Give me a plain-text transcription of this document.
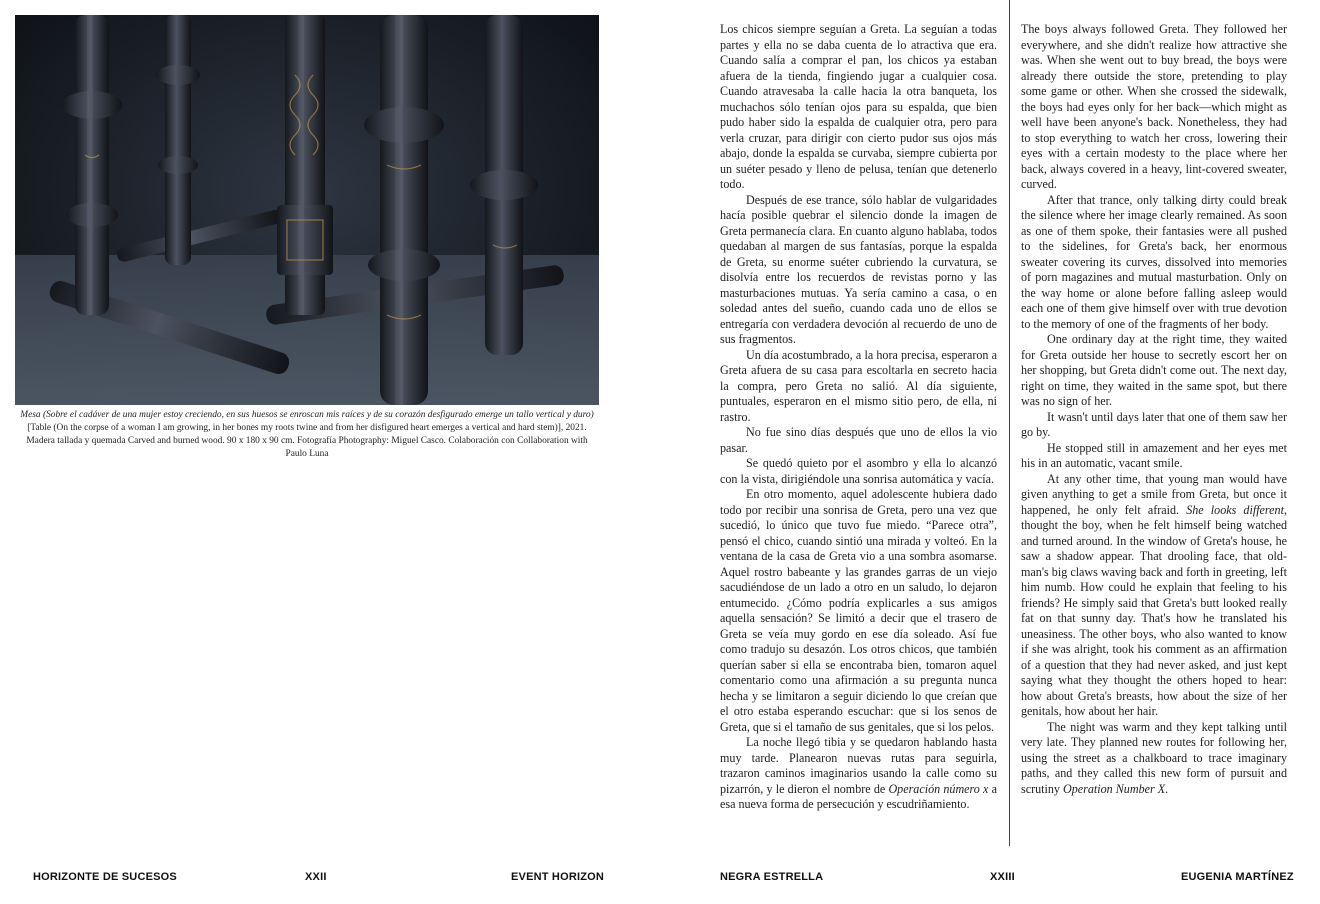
Mesa (Sobre el cadáver de una mujer estoy creciendo, en sus huesos se enroscan mis raíces y de su corazón desfigurado emerge un tallo vertical y duro) [Table (On the corpse of a woman I am growing, in her bones my roots twine and from her disfigured heart emerges a vertical and hard stem)], 2021. Madera tallada y quemada Carved and burned wood. 90 x 180 x 90 cm. Fotografía Photography: Miguel Casco. Colaboración con Collaboration with Paulo Luna

Los chicos siempre seguían a Greta. La seguían a todas partes y ella no se daba cuenta de lo atractiva que era. Cuando salía a comprar el pan, los chicos ya estaban afuera de la tienda, fingiendo jugar a cualquier cosa. Cuando atravesaba la calle hacia la otra banqueta, los muchachos sólo tenían ojos para su espalda, que bien pudo haber sido la espalda de cualquier otra, pero para verla cruzar, para dirigir con cierto pudor sus ojos más abajo, donde la espalda se curvaba, siempre cubierta por un suéter pesado y lleno de pelusa, tenían que detenerlo todo.

Después de ese trance, sólo hablar de vulgaridades hacía posible quebrar el silencio donde la imagen de Greta permanecía clara. En cuanto alguno hablaba, todos quedaban al margen de sus fantasías, porque la espalda de Greta, su enorme suéter cubriendo la curvatura, se disolvía entre los recuerdos de revistas porno y las masturbaciones mutuas. Ya sería camino a casa, o en soledad antes del sueño, cuando cada uno de ellos se entregaría con verdadera devoción al recuerdo de uno de sus fragmentos.

Un día acostumbrado, a la hora precisa, esperaron a Greta afuera de su casa para escoltarla en secreto hacia la compra, pero Greta no salió. Al día siguiente, puntuales, esperaron en el mismo sitio pero, de ella, ni rastro.

No fue sino días después que uno de ellos la vio pasar.

Se quedó quieto por el asombro y ella lo alcanzó con la vista, dirigiéndole una sonrisa automática y vacía.

En otro momento, aquel adolescente hubiera dado todo por recibir una sonrisa de Greta, pero una vez que sucedió, lo único que tuvo fue miedo. “Parece otra”, pensó el chico, cuando sintió una mirada y volteó. En la ventana de la casa de Greta vio a una sombra asomarse. Aquel rostro babeante y las grandes garras de un viejo sacudiéndose de un lado a otro en un saludo, lo dejaron entumecido. ¿Cómo podría explicarles a sus amigos aquella sensación? Se limitó a decir que el trasero de Greta se veía muy gordo en ese día soleado. Así fue como tradujo su desazón. Los otros chicos, que también querían saber si ella se encontraba bien, tomaron aquel comentario como una afirmación a su pregunta nunca hecha y se limitaron a seguir diciendo lo que creían que el otro estaba esperando escuchar: que si los senos de Greta, que si el tamaño de sus genitales, que si los pelos.

La noche llegó tibia y se quedaron hablando hasta muy tarde. Planearon nuevas rutas para seguirla, trazaron caminos imaginarios usando la calle como su pizarrón, y le dieron el nombre de Operación número x a esa nueva forma de persecución y escudriñamiento.

The boys always followed Greta. They followed her everywhere, and she didn't realize how attractive she was. When she went out to buy bread, the boys were already there outside the store, pretending to play some game or other. When she crossed the sidewalk, the boys had eyes only for her back—which might as well have been anyone's back. Nonetheless, they had to stop everything to watch her cross, lowering their eyes with a certain modesty to the place where her back, always covered in a heavy, lint-covered sweater, curved.

After that trance, only talking dirty could break the silence where her image clearly remained. As soon as one of them spoke, their fantasies were all pushed to the sidelines, for Greta's back, her enormous sweater covering its curves, dissolved into memories of porn magazines and mutual masturbation. Only on the way home or alone before falling asleep would each one of them give himself over with true devotion to the memory of one of the fragments of her body.

One ordinary day at the right time, they waited for Greta outside her house to secretly escort her on her shopping, but Greta didn't come out. The next day, right on time, they waited in the same spot, but there was no sign of her.

It wasn't until days later that one of them saw her go by.

He stopped still in amazement and her eyes met his in an automatic, vacant smile.

At any other time, that young man would have given anything to get a smile from Greta, but once it happened, he only felt afraid. She looks different, thought the boy, when he felt himself being watched and turned around. In the window of Greta's house, he saw a shadow appear. That drooling face, that old-man's big claws waving back and forth in greeting, left him numb. How could he explain that feeling to his friends? He simply said that Greta's butt looked really fat on that sunny day. That's how he translated his uneasiness. The other boys, who also wanted to know if she was alright, took his comment as an affirmation of a question that they had never asked, and just kept saying what they thought the others hoped to hear: how about Greta's breasts, how about the size of her genitals, how about her hair.

The night was warm and they kept talking until very late. They planned new routes for following her, using the street as a chalkboard to trace imaginary paths, and they called this new form of pursuit and scrutiny Operation Number X.

HORIZONTE DE SUCESOS	XXII	EVENT HORIZON	NEGRA ESTRELLA	XXIII	EUGENIA MARTÍNEZ
